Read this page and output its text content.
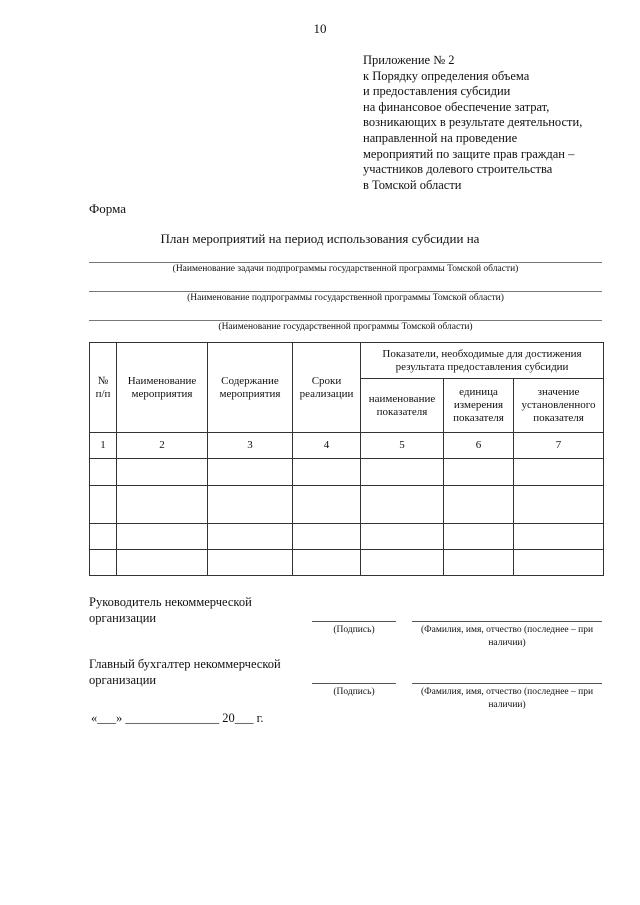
10
Приложение № 2
к Порядку определения объема
и предоставления субсидии
на финансовое обеспечение затрат,
возникающих в результате деятельности,
направленной на проведение
мероприятий по защите прав граждан –
участников долевого строительства
в Томской области
Форма
План мероприятий на период использования субсидии на
(Наименование задачи подпрограммы государственной программы Томской области)
(Наименование подпрограммы государственной программы Томской области)
(Наименование государственной программы Томской области)
№ п/п	Наименование мероприятия	Содержание мероприятия	Сроки реализации	Показатели, необходимые для достижения результата предоставления субсидии		
				наименование показателя	единица измерения показателя	значение установленного показателя
1	2	3	4	5	6	7

Руководитель некоммерческой организации
(Подпись)	(Фамилия, имя, отчество (последнее – при наличии)
Главный бухгалтер некоммерческой организации
(Подпись)	(Фамилия, имя, отчество (последнее – при наличии)
«___» _______________ 20___ г.
